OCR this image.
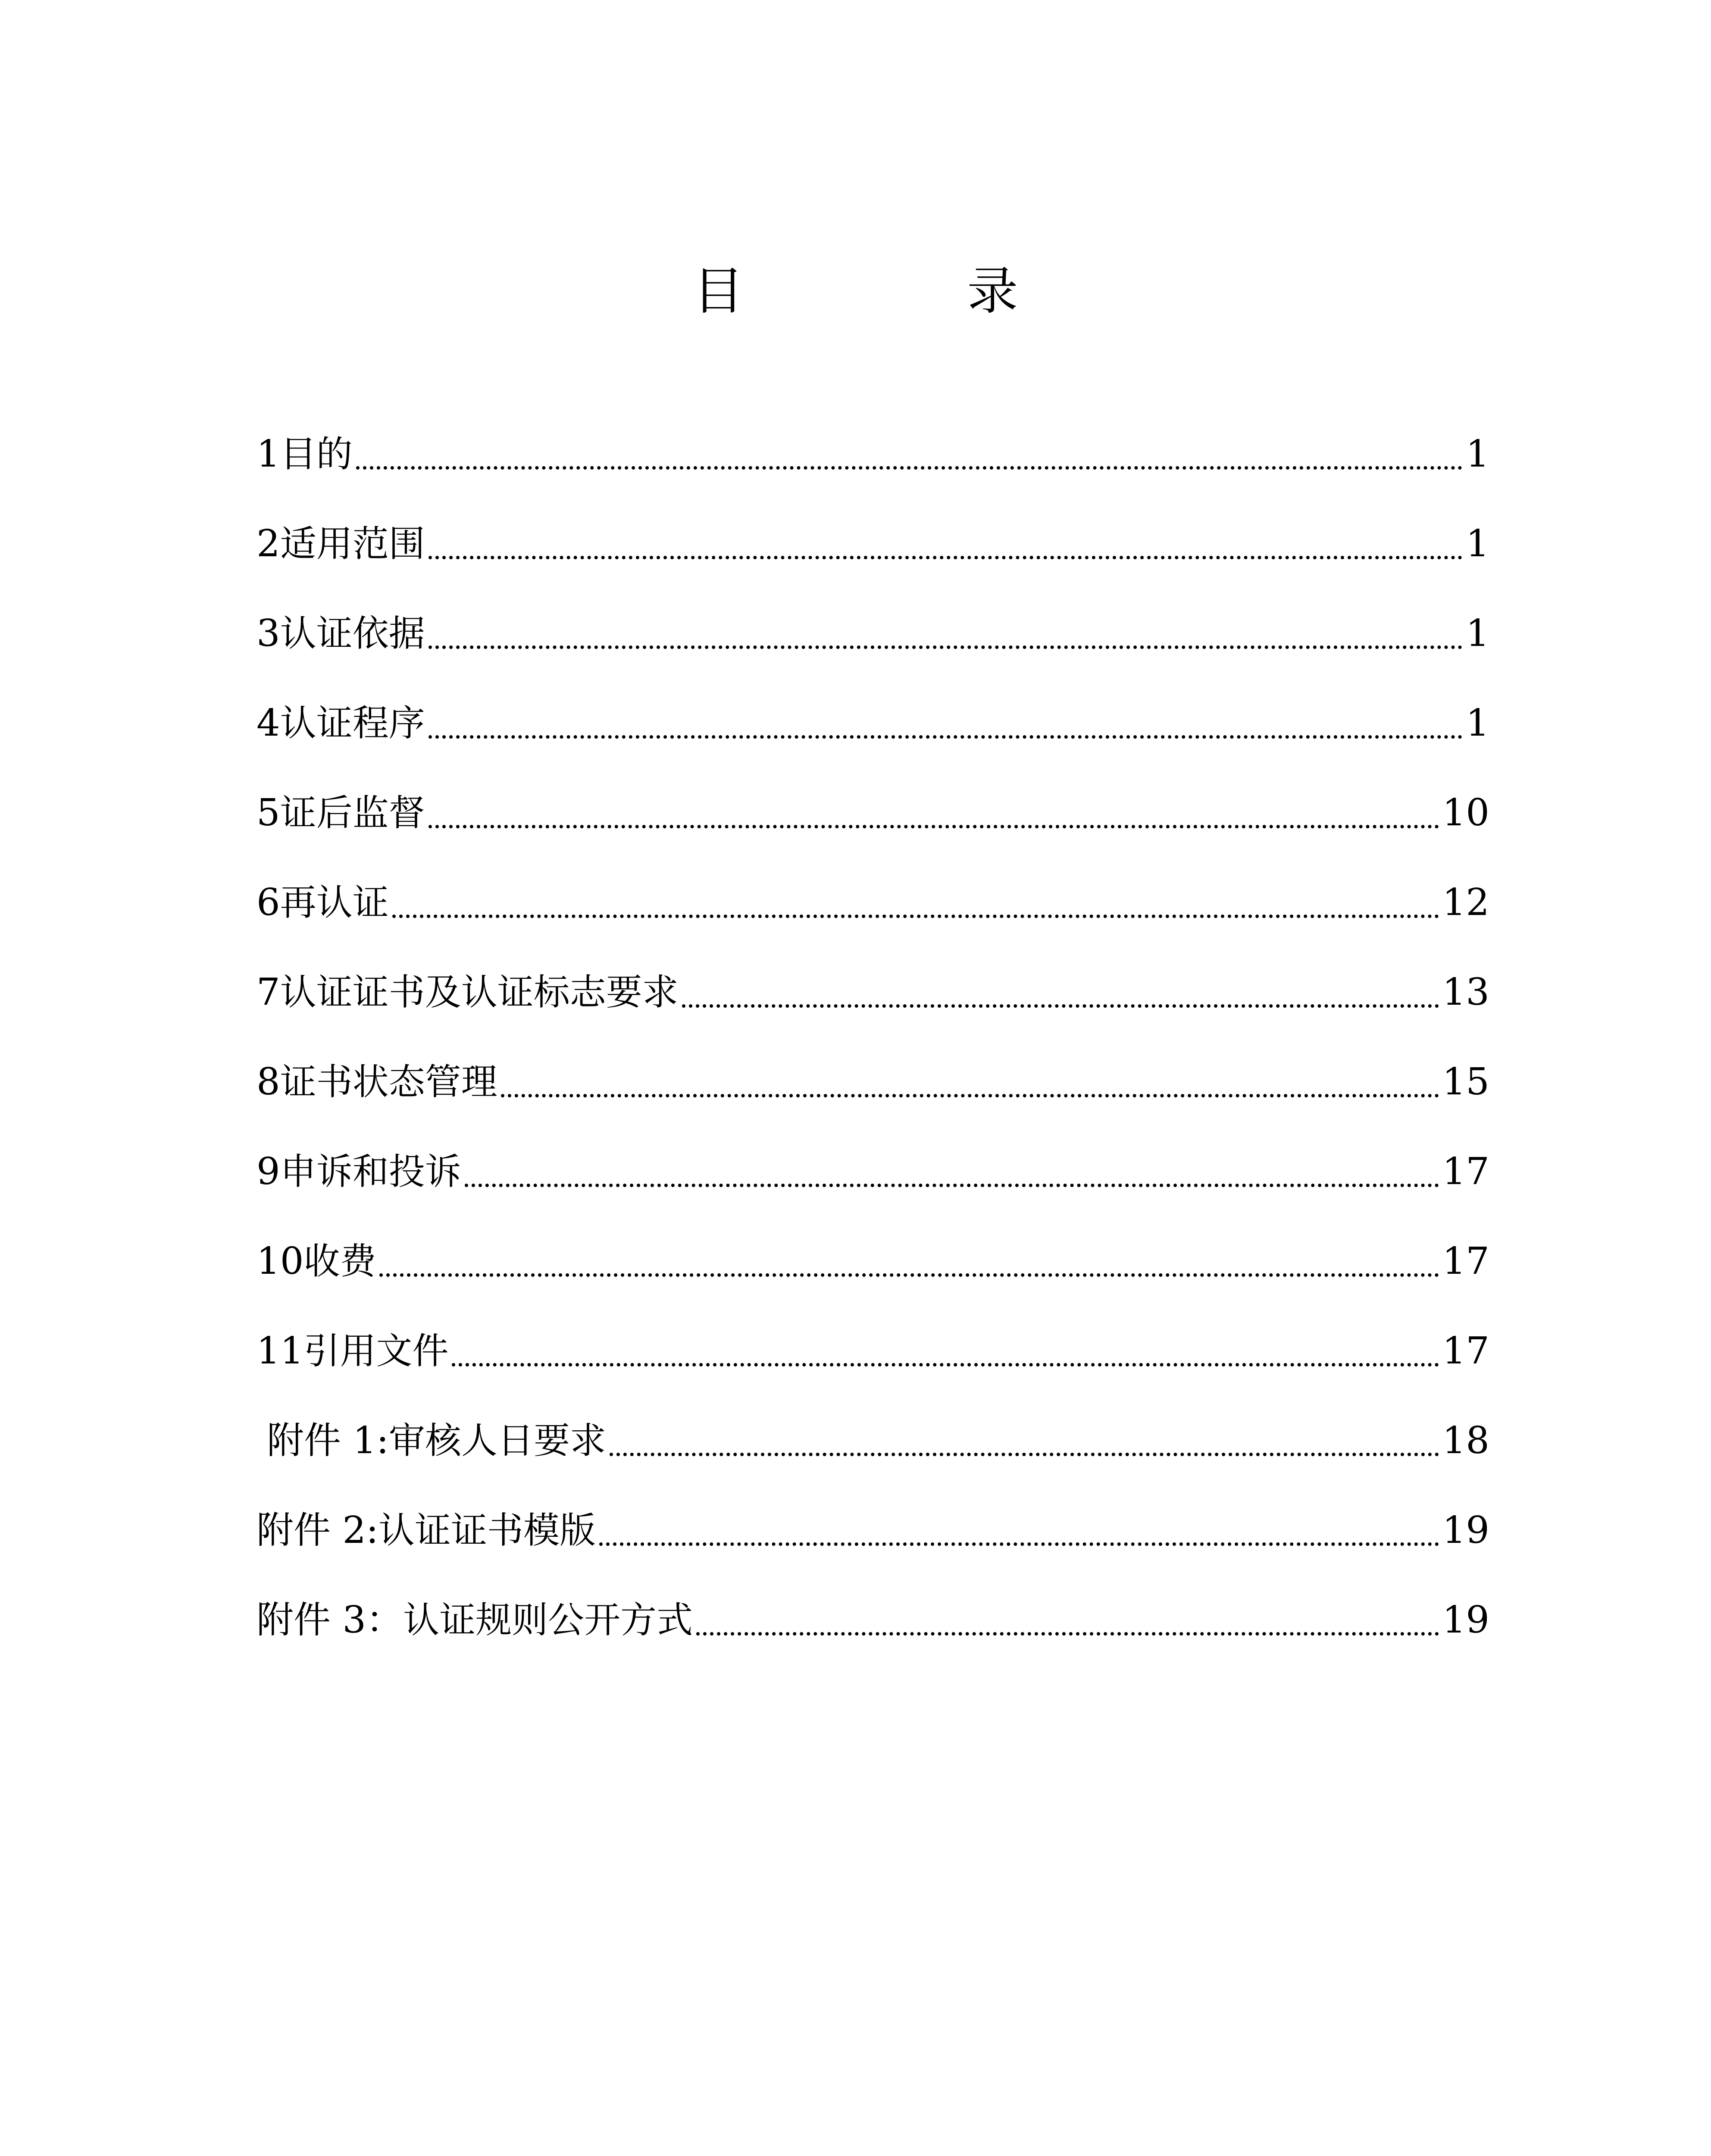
目　录
1 目的	1
2 适用范围	1
3 认证依据	1
4 认证程序	1
5 证后监督	10
6 再认证	12
7 认证证书及认证标志要求	13
8 证书状态管理	15
9 申诉和投诉	17
10 收费	17
11 引用文件	17
附件 1: 审核人日要求	18
附件 2: 认证证书模版	19
附件 3： 认证规则公开方式	19
